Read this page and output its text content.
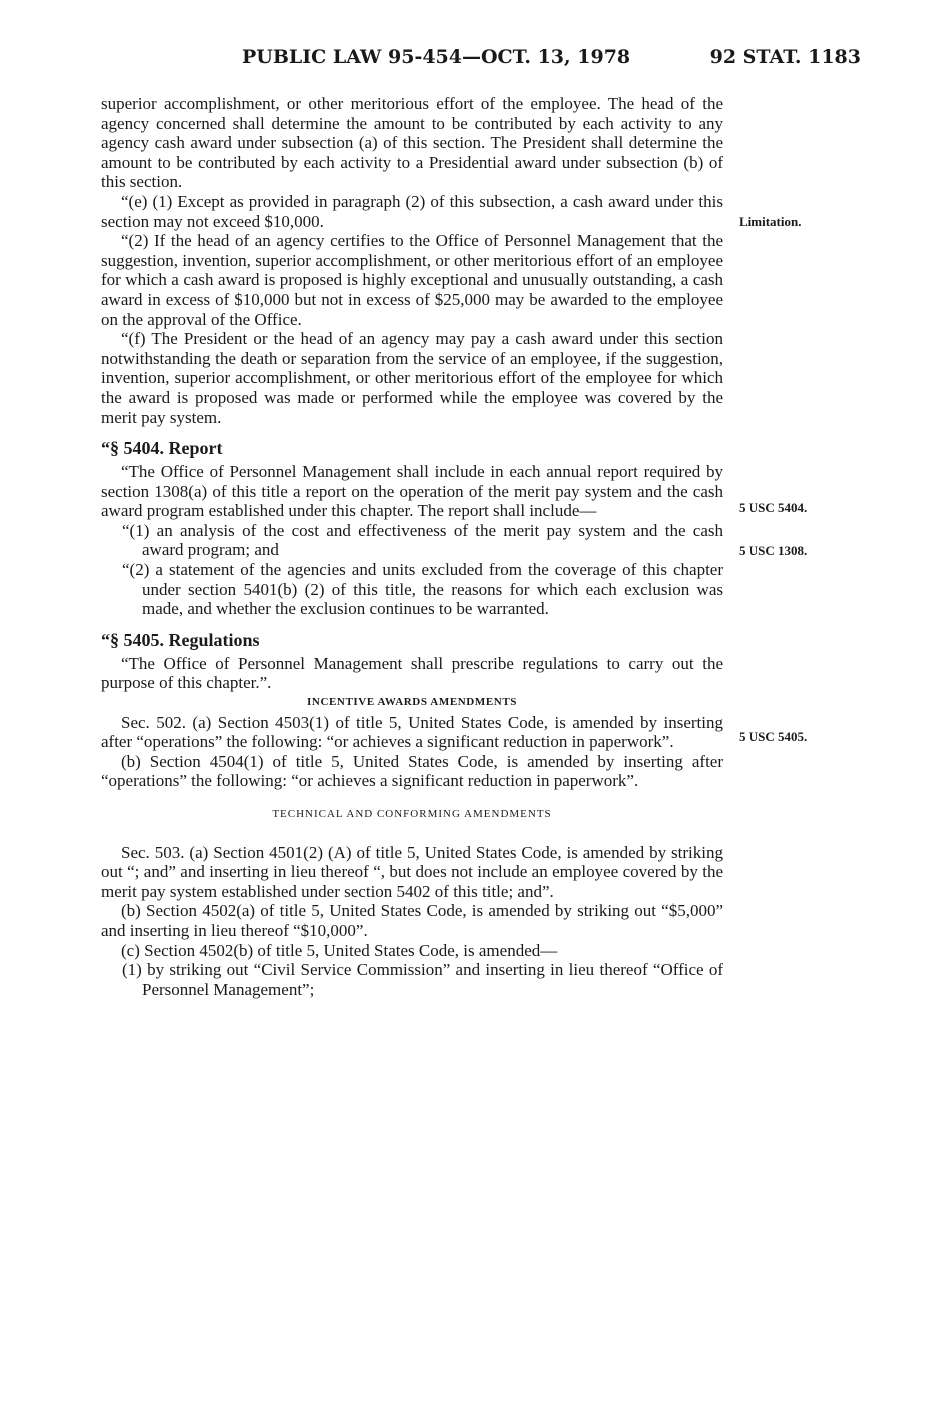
PUBLIC LAW 95-454—OCT. 13, 1978	92 STAT. 1183

superior accomplishment, or other meritorious effort of the employee. The head of the agency concerned shall determine the amount to be contributed by each activity to any agency cash award under subsection (a) of this section. The President shall determine the amount to be contributed by each activity to a Presidential award under subsection (b) of this section.

“(e) (1) Except as provided in paragraph (2) of this subsection, a cash award under this section may not exceed $10,000.

“(2) If the head of an agency certifies to the Office of Personnel Management that the suggestion, invention, superior accomplishment, or other meritorious effort of an employee for which a cash award is proposed is highly exceptional and unusually outstanding, a cash award in excess of $10,000 but not in excess of $25,000 may be awarded to the employee on the approval of the Office.

“(f) The President or the head of an agency may pay a cash award under this section notwithstanding the death or separation from the service of an employee, if the suggestion, invention, superior accomplishment, or other meritorious effort of the employee for which the award is proposed was made or performed while the employee was covered by the merit pay system.

“§ 5404. Report

“The Office of Personnel Management shall include in each annual report required by section 1308(a) of this title a report on the operation of the merit pay system and the cash award program established under this chapter. The report shall include—

“(1) an analysis of the cost and effectiveness of the merit pay system and the cash award program; and

“(2) a statement of the agencies and units excluded from the coverage of this chapter under section 5401(b) (2) of this title, the reasons for which each exclusion was made, and whether the exclusion continues to be warranted.

“§ 5405. Regulations

“The Office of Personnel Management shall prescribe regulations to carry out the purpose of this chapter.”.

INCENTIVE AWARDS AMENDMENTS

Sec. 502. (a) Section 4503(1) of title 5, United States Code, is amended by inserting after “operations” the following: “or achieves a significant reduction in paperwork”.

(b) Section 4504(1) of title 5, United States Code, is amended by inserting after “operations” the following: “or achieves a significant reduction in paperwork”.

TECHNICAL AND CONFORMING AMENDMENTS

Sec. 503. (a) Section 4501(2) (A) of title 5, United States Code, is amended by striking out “; and” and inserting in lieu thereof “, but does not include an employee covered by the merit pay system established under section 5402 of this title; and”.

(b) Section 4502(a) of title 5, United States Code, is amended by striking out “$5,000” and inserting in lieu thereof “$10,000”.

(c) Section 4502(b) of title 5, United States Code, is amended—

(1) by striking out “Civil Service Commission” and inserting in lieu thereof “Office of Personnel Management”;

Limitation.
5 USC 5404.
5 USC 1308.
5 USC 5405.
